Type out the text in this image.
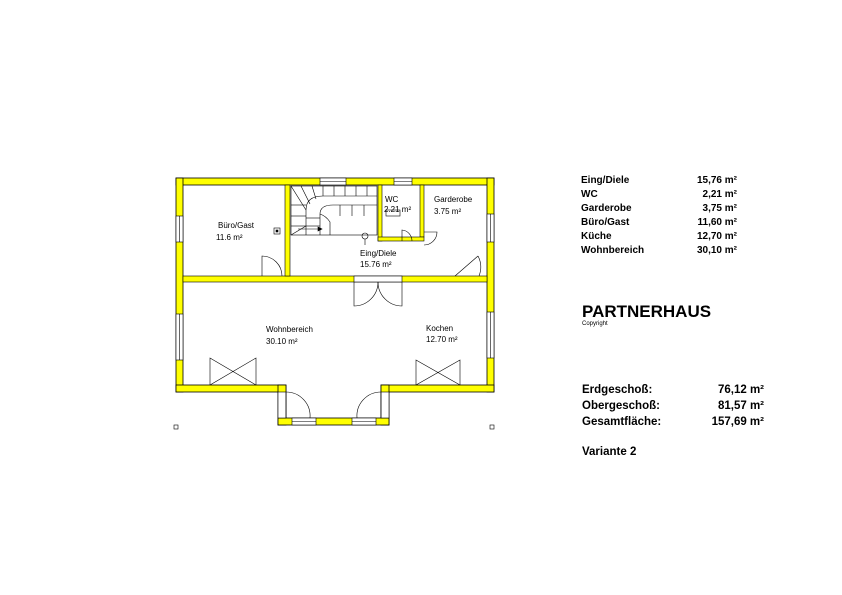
Büro/Gast
11.6 m²
WC
2.21 m²
Garderobe
3.75 m²
Eing/Diele
15.76 m²
Wohnbereich
30.10 m²
Kochen
12.70 m²
Eing/Diele	15,76 m²
WC	2,21 m²
Garderobe	3,75 m²
Büro/Gast	11,60 m²
Küche	12,70 m²
Wohnbereich	30,10 m²
PARTNERHAUS
Copyright
Erdgeschoß:	76,12 m²
Obergeschoß:	81,57 m²
Gesamtfläche:	157,69 m²
Variante 2
